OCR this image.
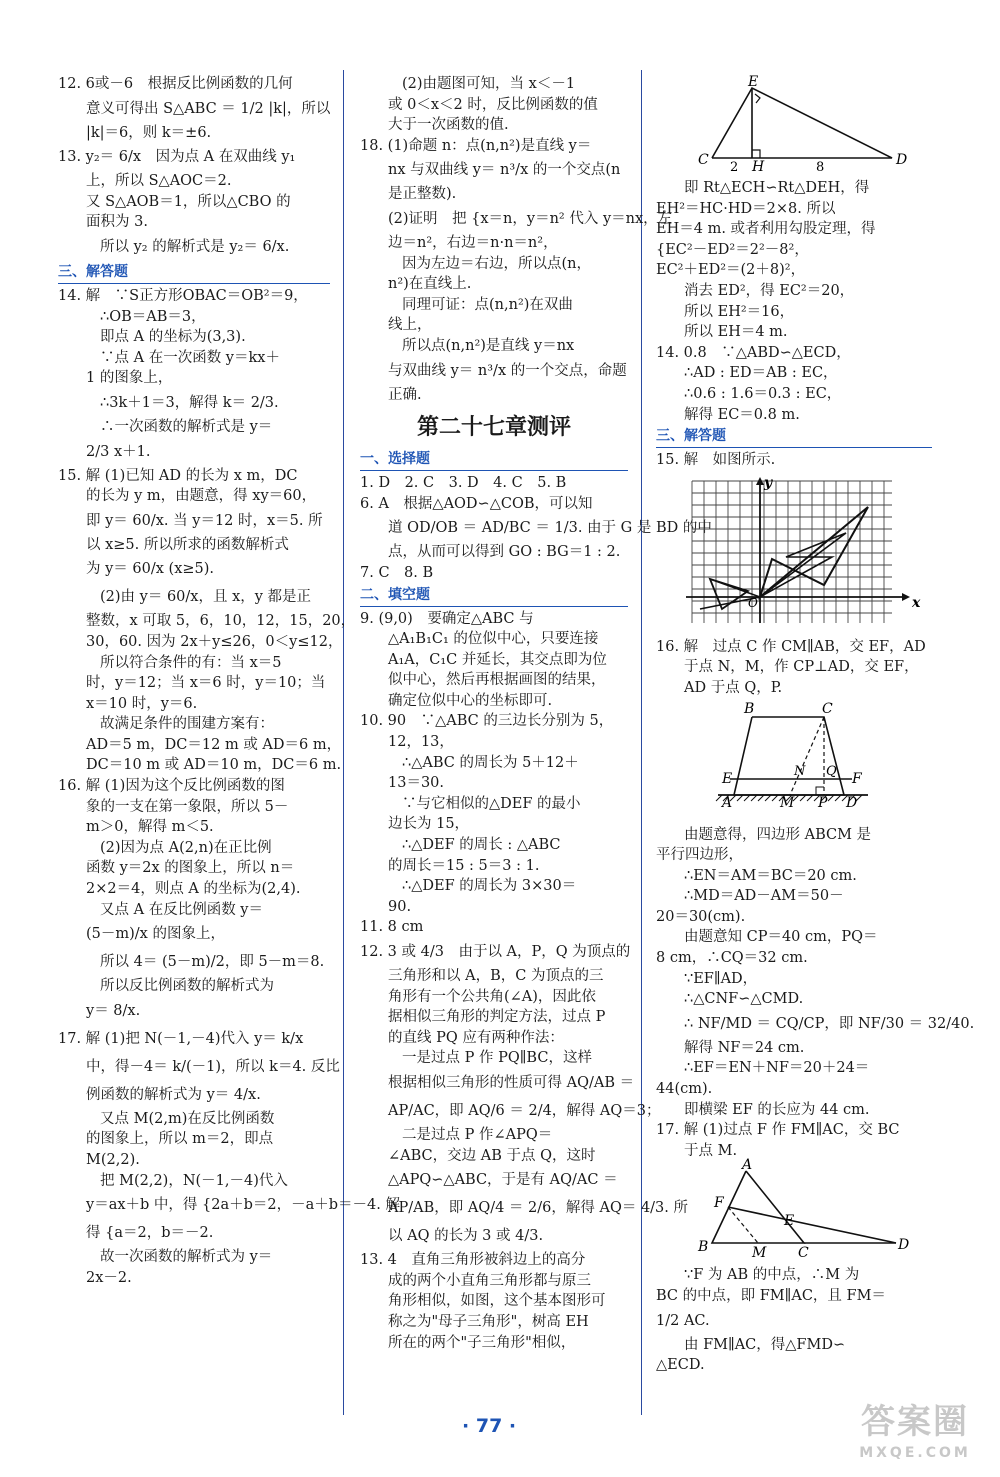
12. 6或－6　根据反比例函数的几何
意义可得出 S△ABC ＝ 1/2 |k|，所以
|k|＝6，则 k＝±6.
13. y₂＝ 6/x　因为点 A 在双曲线 y₁
上，所以 S△AOC＝2.
又 S△AOB＝1，所以△CBO 的
面积为 3.
所以 y₂ 的解析式是 y₂＝ 6/x.
三、解答题
14. 解　∵S正方形OBAC＝OB²＝9，
∴OB＝AB＝3，
即点 A 的坐标为(3,3).
∵点 A 在一次函数 y＝kx＋
1 的图象上，
∴3k＋1＝3，解得 k＝ 2/3.
∴一次函数的解析式是 y＝
2/3 x＋1.
15. 解 (1)已知 AD 的长为 x m，DC
的长为 y m，由题意，得 xy＝60，
即 y＝ 60/x. 当 y＝12 时，x＝5. 所
以 x≥5. 所以所求的函数解析式
为 y＝ 60/x (x≥5).
(2)由 y＝ 60/x，且 x，y 都是正
整数，x 可取 5，6，10，12，15，20，
30，60. 因为 2x＋y≤26，0＜y≤12，
所以符合条件的有：当 x＝5
时，y＝12；当 x＝6 时，y＝10；当
x＝10 时，y＝6.
故满足条件的围建方案有：
AD＝5 m，DC＝12 m 或 AD＝6 m，
DC＝10 m 或 AD＝10 m，DC＝6 m.
16. 解 (1)因为这个反比例函数的图
象的一支在第一象限，所以 5－
m＞0，解得 m＜5.
(2)因为点 A(2,n)在正比例
函数 y＝2x 的图象上，所以 n＝
2×2＝4，则点 A 的坐标为(2,4).
又点 A 在反比例函数 y＝
(5－m)/x 的图象上，
所以 4＝ (5－m)/2，即 5－m＝8.
所以反比例函数的解析式为
y＝ 8/x.
17. 解 (1)把 N(－1,－4)代入 y＝ k/x
中，得－4＝ k/(－1)，所以 k＝4. 反比
例函数的解析式为 y＝ 4/x.
又点 M(2,m)在反比例函数
的图象上，所以 m＝2，即点
M(2,2).
把 M(2,2)，N(－1,－4)代入
y＝ax＋b 中，得 {2a＋b＝2，－a＋b＝－4. 解
得 {a＝2，b＝－2.
故一次函数的解析式为 y＝
2x－2.
(2)由题图可知，当 x＜－1
或 0＜x＜2 时，反比例函数的值
大于一次函数的值.
18. (1)命题 n：点(n,n²)是直线 y＝
nx 与双曲线 y＝ n³/x 的一个交点(n
是正整数).
(2)证明　把 {x＝n，y＝n² 代入 y＝nx，左
边＝n²，右边＝n·n＝n²，
因为左边＝右边，所以点(n，
n²)在直线上.
同理可证：点(n,n²)在双曲
线上，
所以点(n,n²)是直线 y＝nx
与双曲线 y＝ n³/x 的一个交点，命题
正确.
第二十七章测评
一、选择题
1. D　2. C　3. D　4. C　5. B
6. A　根据△AOD∽△COB，可以知
道 OD/OB ＝ AD/BC ＝ 1/3. 由于 G 是 BD 的中
点，从而可以得到 GO : BG＝1 : 2.
7. C　8. B
二、填空题
9. (9,0)　要确定△ABC 与
△A₁B₁C₁ 的位似中心，只要连接
A₁A，C₁C 并延长，其交点即为位
似中心，然后再根据画图的结果，
确定位似中心的坐标即可.
10. 90　∵△ABC 的三边长分别为 5，
12，13，
∴△ABC 的周长为 5＋12＋
13＝30.
∵与它相似的△DEF 的最小
边长为 15，
∴△DEF 的周长 : △ABC
的周长＝15 : 5＝3 : 1.
∴△DEF 的周长为 3×30＝
90.
11. 8 cm
12. 3 或 4/3　由于以 A，P，Q 为顶点的
三角形和以 A，B，C 为顶点的三
角形有一个公共角(∠A)，因此依
据相似三角形的判定方法，过点 P
的直线 PQ 应有两种作法：
一是过点 P 作 PQ∥BC，这样
根据相似三角形的性质可得 AQ/AB ＝
AP/AC，即 AQ/6 ＝ 2/4，解得 AQ＝3；
二是过点 P 作∠APQ＝
∠ABC，交边 AB 于点 Q，这时
△APQ∽△ABC，于是有 AQ/AC ＝
AP/AB，即 AQ/4 ＝ 2/6，解得 AQ＝ 4/3. 所
以 AQ 的长为 3 或 4/3.
13. 4　直角三角形被斜边上的高分
成的两个小直角三角形都与原三
角形相似，如图，这个基本图形可
称之为"母子三角形"，树高 EH
所在的两个"子三角形"相似，
E
C	H	D
2	8
即 Rt△ECH∽Rt△DEH，得
EH²＝HC·HD＝2×8. 所以
EH＝4 m. 或者利用勾股定理，得
{EC²－ED²＝2²－8²，
EC²＋ED²＝(2＋8)²，
消去 ED²，得 EC²＝20，
所以 EH²＝16，
所以 EH＝4 m.
14. 0.8　∵△ABD∽△ECD，
∴AD : ED＝AB : EC，
∴0.6 : 1.6＝0.3 : EC，
解得 EC＝0.8 m.
三、解答题
15. 解　如图所示.
y
x
O
16. 解　过点 C 作 CM∥AB，交 EF，AD
于点 N，M，作 CP⊥AD，交 EF，
AD 于点 Q，P.
B	C
E	N Q F
A	M P D
由题意得，四边形 ABCM 是
平行四边形，
∴EN＝AM＝BC＝20 cm.
∴MD＝AD－AM＝50－
20＝30(cm).
由题意知 CP＝40 cm，PQ＝
8 cm，∴CQ＝32 cm.
∵EF∥AD，
∴△CNF∽△CMD.
∴ NF/MD ＝ CQ/CP，即 NF/30 ＝ 32/40.
解得 NF＝24 cm.
∴EF＝EN＋NF＝20＋24＝
44(cm).
即横梁 EF 的长应为 44 cm.
17. 解 (1)过点 F 作 FM∥AC，交 BC
于点 M.
A
F
E
B	M C	D
∵F 为 AB 的中点，∴M 为
BC 的中点，即 FM∥AC，且 FM＝
1/2 AC.
由 FM∥AC，得△FMD∽
△ECD.
· 77 ·	答案圈
MXQE.COM
